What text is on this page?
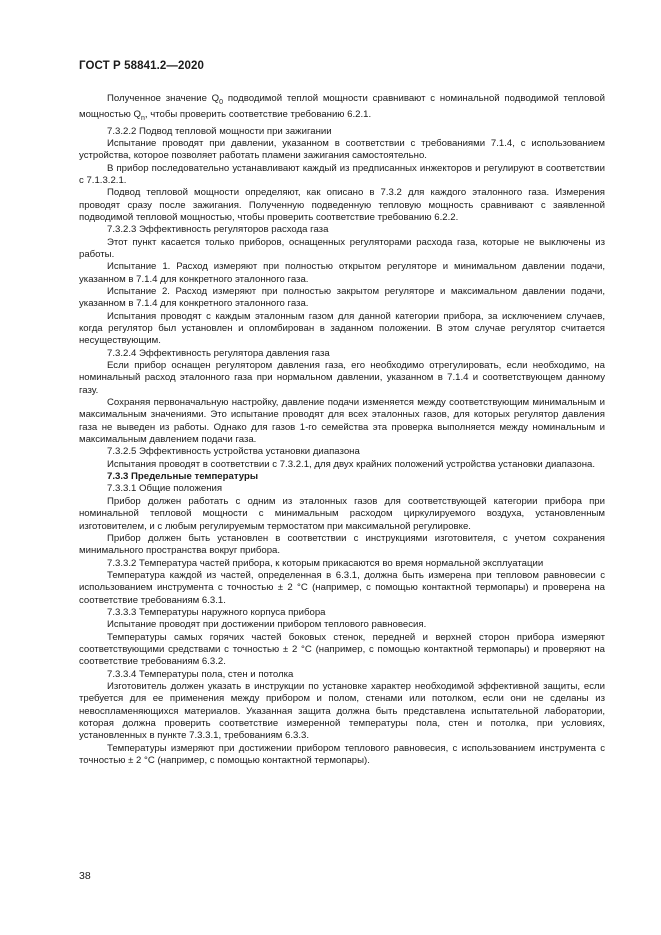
ГОСТ Р 58841.2—2020

Полученное значение $Q_0$ подводимой теплой мощности сравнивают с номинальной подводимой тепловой мощностью $Q_n$, чтобы проверить соответствие требованию 6.2.1.

7.3.2.2 Подвод тепловой мощности при зажигании

Испытание проводят при давлении, указанном в соответствии с требованиями 7.1.4, с использованием устройства, которое позволяет работать пламени зажигания самостоятельно.

В прибор последовательно устанавливают каждый из предписанных инжекторов и регулируют в соответствии с 7.1.3.2.1.

Подвод тепловой мощности определяют, как описано в 7.3.2 для каждого эталонного газа. Измерения проводят сразу после зажигания. Полученную подведенную тепловую мощность сравнивают с заявленной подводимой тепловой мощностью, чтобы проверить соответствие требованию 6.2.2.

7.3.2.3 Эффективность регуляторов расхода газа

Этот пункт касается только приборов, оснащенных регуляторами расхода газа, которые не выключены из работы.

Испытание 1. Расход измеряют при полностью открытом регуляторе и минимальном давлении подачи, указанном в 7.1.4 для конкретного эталонного газа.

Испытание 2. Расход измеряют при полностью закрытом регуляторе и максимальном давлении подачи, указанном в 7.1.4 для конкретного эталонного газа.

Испытания проводят с каждым эталонным газом для данной категории прибора, за исключением случаев, когда регулятор был установлен и опломбирован в заданном положении. В этом случае регулятор считается несуществующим.

7.3.2.4 Эффективность регулятора давления газа

Если прибор оснащен регулятором давления газа, его необходимо отрегулировать, если необходимо, на номинальный расход эталонного газа при нормальном давлении, указанном в 7.1.4 и соответствующем данному газу.

Сохраняя первоначальную настройку, давление подачи изменяется между соответствующим минимальным и максимальным значениями. Это испытание проводят для всех эталонных газов, для которых регулятор давления газа не выведен из работы. Однако для газов 1-го семейства эта проверка выполняется между номинальным и максимальным давлением подачи газа.

7.3.2.5 Эффективность устройства установки диапазона

Испытания проводят в соответствии с 7.3.2.1, для двух крайних положений устройства установки диапазона.

7.3.3 Предельные температуры

7.3.3.1 Общие положения

Прибор должен работать с одним из эталонных газов для соответствующей категории прибора при номинальной тепловой мощности с минимальным расходом циркулируемого воздуха, установленным изготовителем, и с любым регулируемым термостатом при максимальной регулировке.

Прибор должен быть установлен в соответствии с инструкциями изготовителя, с учетом сохранения минимального пространства вокруг прибора.

7.3.3.2 Температура частей прибора, к которым прикасаются во время нормальной эксплуатации

Температура каждой из частей, определенная в 6.3.1, должна быть измерена при тепловом равновесии с использованием инструмента с точностью ± 2 °С (например, с помощью контактной термопары) и проверена на соответствие требованиям 6.3.1.

7.3.3.3 Температуры наружного корпуса прибора

Испытание проводят при достижении прибором теплового равновесия.

Температуры самых горячих частей боковых стенок, передней и верхней сторон прибора измеряют соответствующими средствами с точностью ± 2 °С (например, с помощью контактной термопары) и проверяют на соответствие требованиям 6.3.2.

7.3.3.4 Температуры пола, стен и потолка

Изготовитель должен указать в инструкции по установке характер необходимой эффективной защиты, если требуется для ее применения между прибором и полом, стенами или потолком, если они не сделаны из невоспламеняющихся материалов. Указанная защита должна быть представлена испытательной лаборатории, которая должна проверить соответствие измеренной температуры пола, стен и потолка, при условиях, установленных в пункте 7.3.3.1, требованиям 6.3.3.

Температуры измеряют при достижении прибором теплового равновесия, с использованием инструмента с точностью ± 2 °С (например, с помощью контактной термопары).

38
